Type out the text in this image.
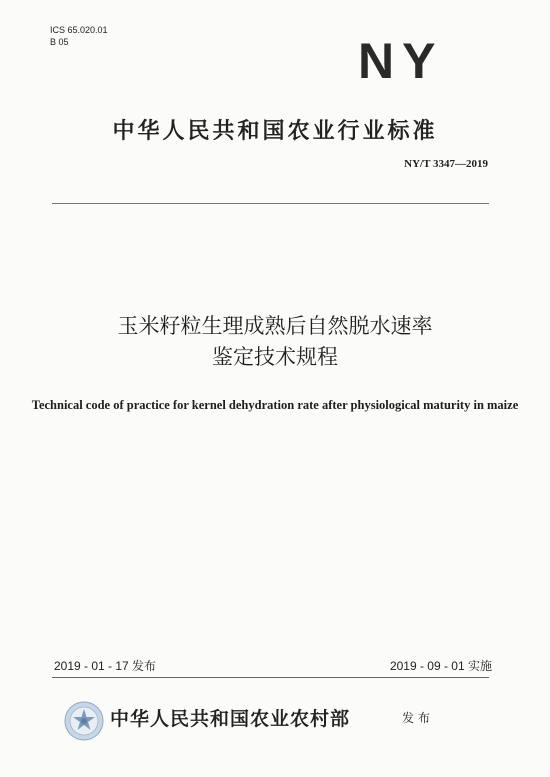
ICS 65.020.01
B 05	NY
中华人民共和国农业行业标准
NY/T 3347—2019
玉米籽粒生理成熟后自然脱水速率
鉴定技术规程
Technical code of practice for kernel dehydration rate after physiological maturity in maize
2019 - 01 - 17 发布	2019 - 09 - 01 实施
中华人民共和国农业农村部	发布
